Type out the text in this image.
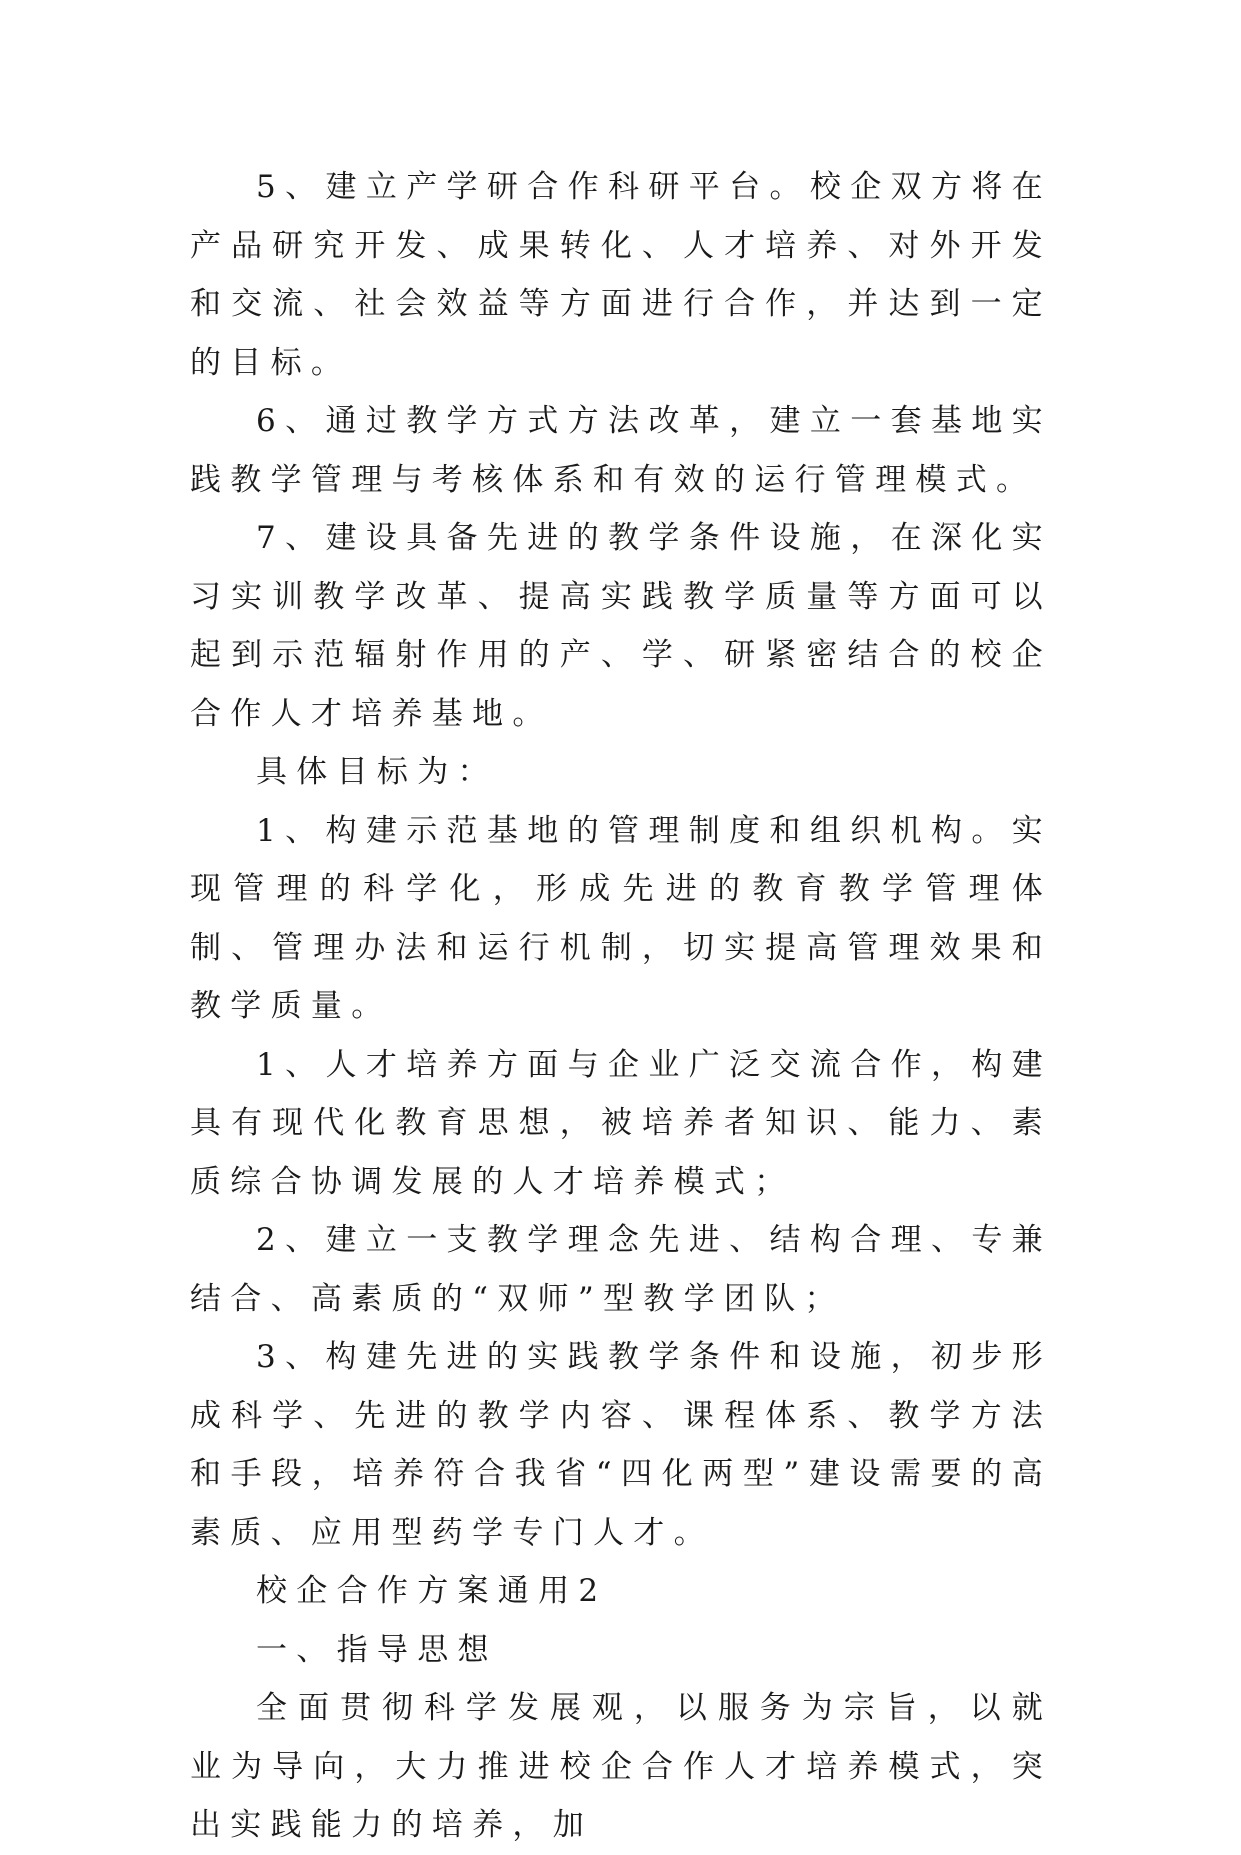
5、建立产学研合作科研平台。校企双方将在产品研究开发、成果转化、人才培养、对外开发和交流、社会效益等方面进行合作，并达到一定的目标。

6、通过教学方式方法改革，建立一套基地实践教学管理与考核体系和有效的运行管理模式。

7、建设具备先进的教学条件设施，在深化实习实训教学改革、提高实践教学质量等方面可以起到示范辐射作用的产、学、研紧密结合的校企合作人才培养基地。

具体目标为：

1、构建示范基地的管理制度和组织机构。实现管理的科学化，形成先进的教育教学管理体制、管理办法和运行机制，切实提高管理效果和教学质量。

1、人才培养方面与企业广泛交流合作，构建具有现代化教育思想，被培养者知识、能力、素质综合协调发展的人才培养模式；

2、建立一支教学理念先进、结构合理、专兼结合、高素质的“双师”型教学团队；

3、构建先进的实践教学条件和设施，初步形成科学、先进的教学内容、课程体系、教学方法和手段，培养符合我省“四化两型”建设需要的高素质、应用型药学专门人才。

校企合作方案通用2

一、指导思想

全面贯彻科学发展观，以服务为宗旨，以就业为导向，大力推进校企合作人才培养模式，突出实践能力的培养，加
